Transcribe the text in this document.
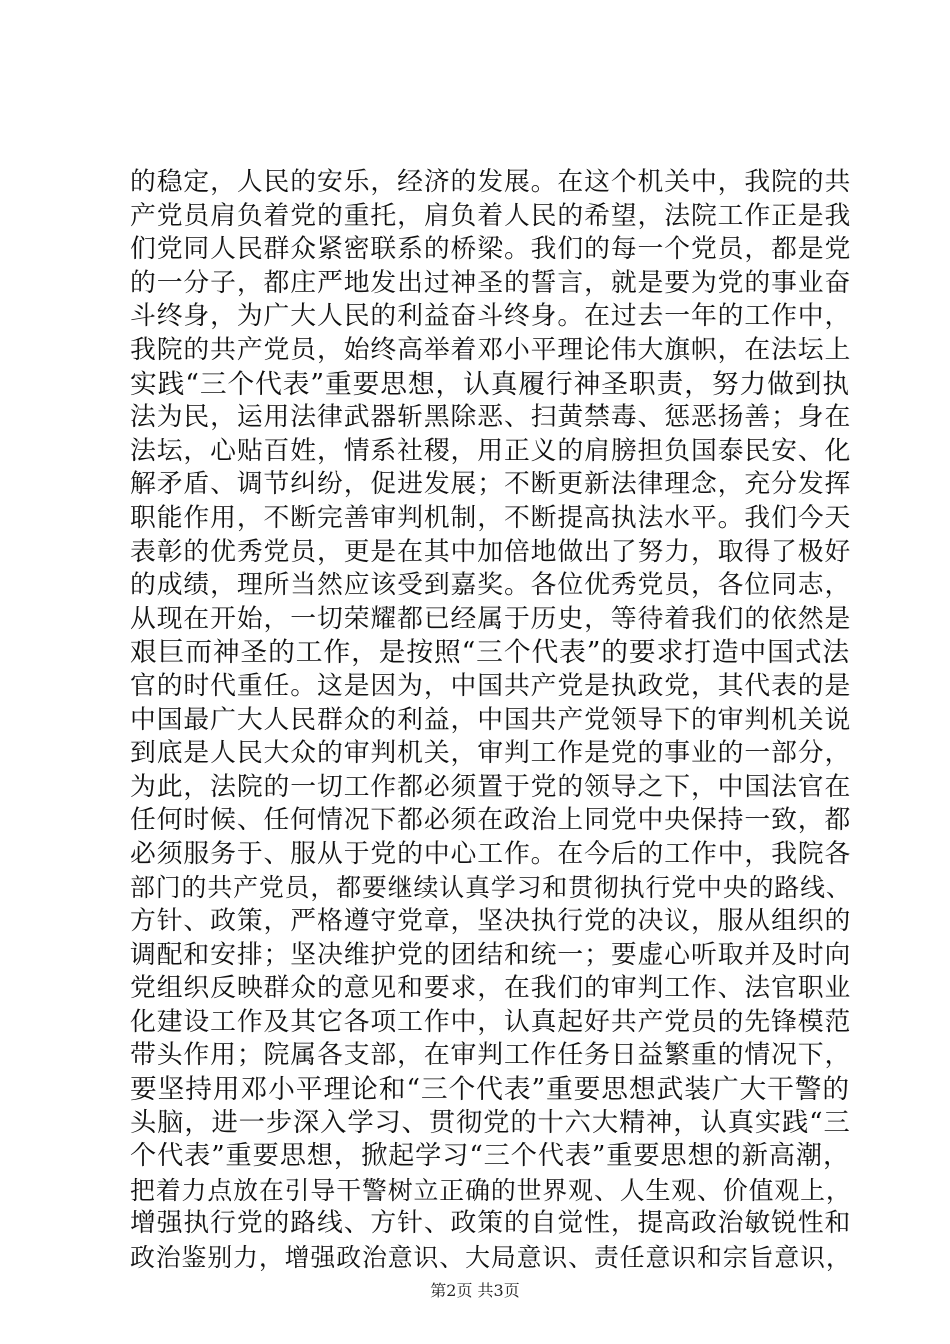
的稳定，人民的安乐，经济的发展。在这个机关中，我院的共
产党员肩负着党的重托，肩负着人民的希望，法院工作正是我
们党同人民群众紧密联系的桥梁。我们的每一个党员，都是党
的一分子，都庄严地发出过神圣的誓言，就是要为党的事业奋
斗终身，为广大人民的利益奋斗终身。在过去一年的工作中，
我院的共产党员，始终高举着邓小平理论伟大旗帜，在法坛上
实践“三个代表”重要思想，认真履行神圣职责，努力做到执
法为民，运用法律武器斩黑除恶、扫黄禁毒、惩恶扬善；身在
法坛，心贴百姓，情系社稷，用正义的肩膀担负国泰民安、化
解矛盾、调节纠纷，促进发展；不断更新法律理念，充分发挥
职能作用，不断完善审判机制，不断提高执法水平。我们今天
表彰的优秀党员，更是在其中加倍地做出了努力，取得了极好
的成绩，理所当然应该受到嘉奖。各位优秀党员，各位同志，
从现在开始，一切荣耀都已经属于历史，等待着我们的依然是
艰巨而神圣的工作，是按照“三个代表”的要求打造中国式法
官的时代重任。这是因为，中国共产党是执政党，其代表的是
中国最广大人民群众的利益，中国共产党领导下的审判机关说
到底是人民大众的审判机关，审判工作是党的事业的一部分，
为此，法院的一切工作都必须置于党的领导之下，中国法官在
任何时候、任何情况下都必须在政治上同党中央保持一致，都
必须服务于、服从于党的中心工作。在今后的工作中，我院各
部门的共产党员，都要继续认真学习和贯彻执行党中央的路线、
方针、政策，严格遵守党章，坚决执行党的决议，服从组织的
调配和安排；坚决维护党的团结和统一；要虚心听取并及时向
党组织反映群众的意见和要求，在我们的审判工作、法官职业
化建设工作及其它各项工作中，认真起好共产党员的先锋模范
带头作用；院属各支部，在审判工作任务日益繁重的情况下，
要坚持用邓小平理论和“三个代表”重要思想武装广大干警的
头脑，进一步深入学习、贯彻党的十六大精神，认真实践“三
个代表”重要思想，掀起学习“三个代表”重要思想的新高潮，
把着力点放在引导干警树立正确的世界观、人生观、价值观上，
增强执行党的路线、方针、政策的自觉性，提高政治敏锐性和
政治鉴别力，增强政治意识、大局意识、责任意识和宗旨意识，
第2页 共3页
